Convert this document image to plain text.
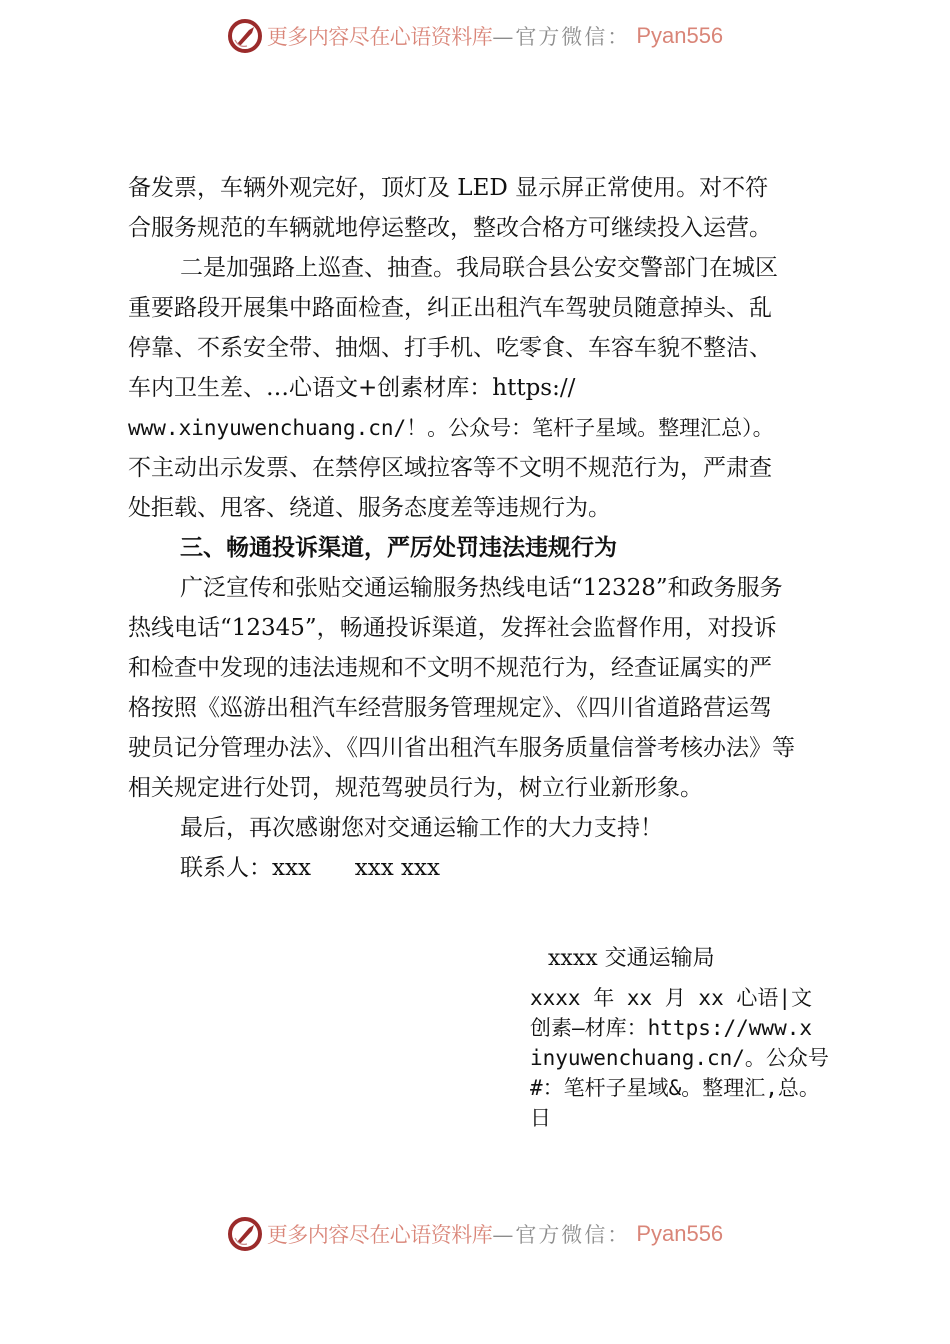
更多内容尽在心语资料库 —官方微信： Pyan556
备发票，车辆外观完好，顶灯及 LED 显示屏正常使用。对不符
合服务规范的车辆就地停运整改，整改合格方可继续投入运营。
二是加强路上巡查、抽查。我局联合县公安交警部门在城区
重要路段开展集中路面检查，纠正出租汽车驾驶员随意掉头、乱
停靠、不系安全带、抽烟、打手机、吃零食、车容车貌不整洁、
车内卫生差、…心语文+创素材库：https://
www.xinyuwenchuang.cn/！。公众号：笔杆子星域。整理汇总）。
不主动出示发票、在禁停区域拉客等不文明不规范行为，严肃查
处拒载、甩客、绕道、服务态度差等违规行为。
三、畅通投诉渠道，严厉处罚违法违规行为
广泛宣传和张贴交通运输服务热线电话“12328”和政务服务
热线电话“12345”，畅通投诉渠道，发挥社会监督作用，对投诉
和检查中发现的违法违规和不文明不规范行为，经查证属实的严
格按照《巡游出租汽车经营服务管理规定》、《四川省道路营运驾
驶员记分管理办法》、《四川省出租汽车服务质量信誉考核办法》等
相关规定进行处罚，规范驾驶员行为，树立行业新形象。
最后，再次感谢您对交通运输工作的大力支持！
联系人：xxx      xxx xxx
xxxx 交通运输局
xxxx 年 xx 月 xx 心语|文
创素—材库：https://www.x
inyuwenchuang.cn/。公众号
#：笔杆子星域&。整理汇,总。
日
更多内容尽在心语资料库 —官方微信： Pyan556
